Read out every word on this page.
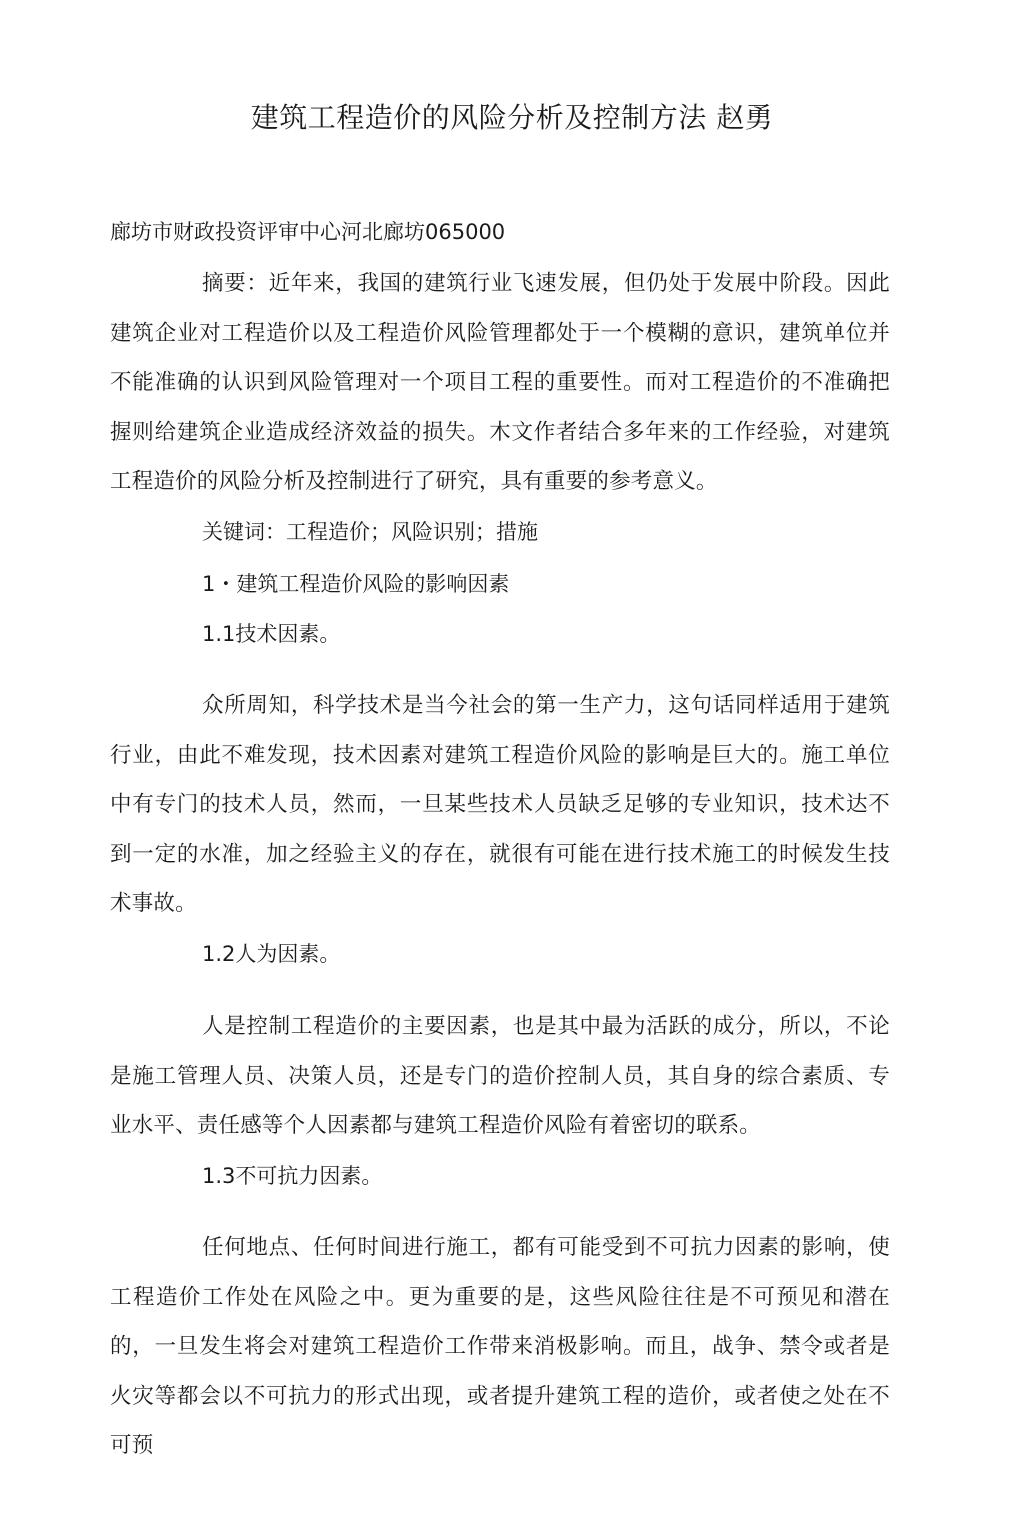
建筑工程造价的风险分析及控制方法 赵勇

廊坊市财政投资评审中心河北廊坊065000

摘要：近年来，我国的建筑行业飞速发展，但仍处于发展中阶段。因此建筑企业对工程造价以及工程造价风险管理都处于一个模糊的意识，建筑单位并不能准确的认识到风险管理对一个项目工程的重要性。而对工程造价的不准确把握则给建筑企业造成经济效益的损失。木文作者结合多年来的工作经验，对建筑工程造价的风险分析及控制进行了研究，具有重要的参考意义。

关键词：工程造价；风险识别；措施

1・建筑工程造价风险的影响因素

1.1技术因素。

众所周知，科学技术是当今社会的第一生产力，这句话同样适用于建筑行业，由此不难发现，技术因素对建筑工程造价风险的影响是巨大的。施工单位中有专门的技术人员，然而，一旦某些技术人员缺乏足够的专业知识，技术达不到一定的水准，加之经验主义的存在，就很有可能在进行技术施工的时候发生技术事故。

1.2人为因素。

人是控制工程造价的主要因素，也是其中最为活跃的成分，所以，不论是施工管理人员、决策人员，还是专门的造价控制人员，其自身的综合素质、专业水平、责任感等个人因素都与建筑工程造价风险有着密切的联系。

1.3不可抗力因素。

任何地点、任何时间进行施工，都有可能受到不可抗力因素的影响，使工程造价工作处在风险之中。更为重要的是，这些风险往往是不可预见和潜在的，一旦发生将会对建筑工程造价工作带来消极影响。而且，战争、禁令或者是火灾等都会以不可抗力的形式出现，或者提升建筑工程的造价，或者使之处在不可预
